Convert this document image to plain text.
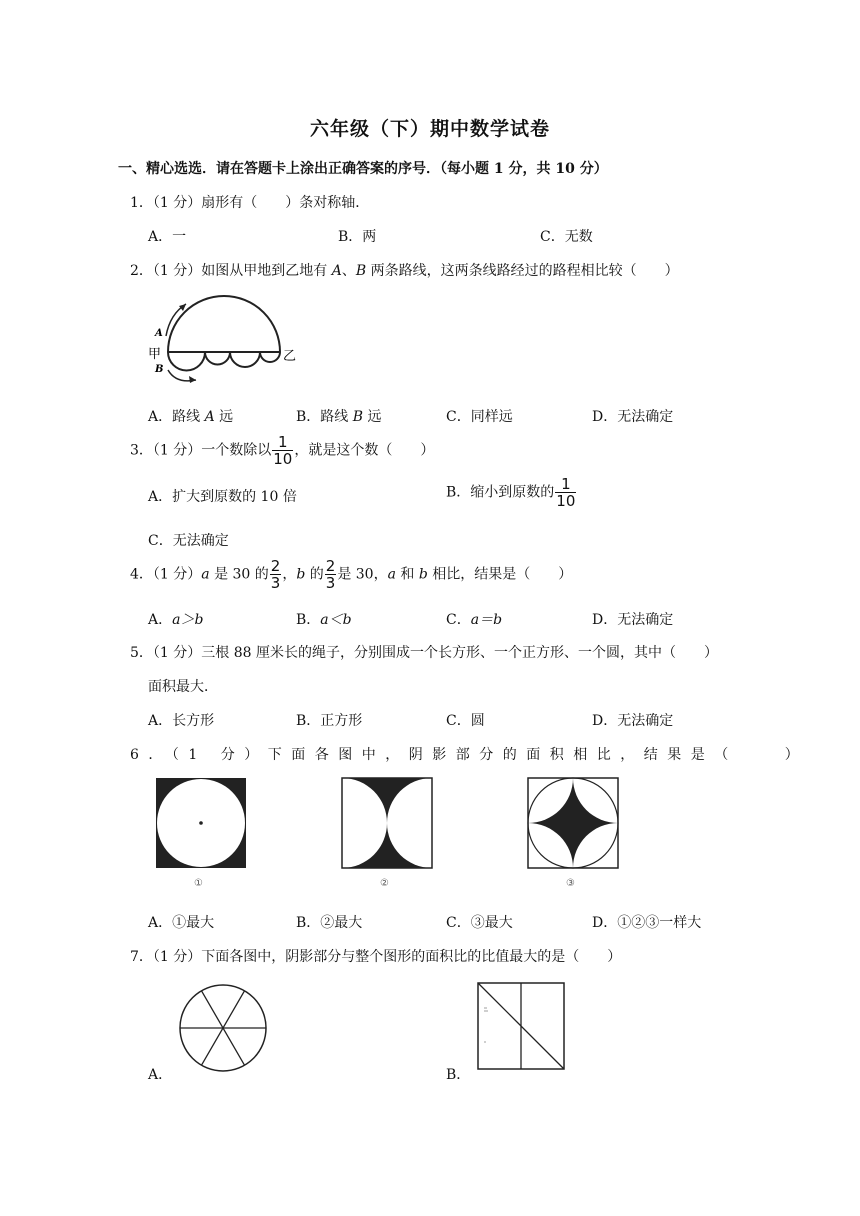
六年级（下）期中数学试卷
一、精心选选．请在答题卡上涂出正确答案的序号．（每小题 1 分，共 10 分）
1．（1 分）扇形有（　　）条对称轴．
A．一	B．两	C．无数
2．（1 分）如图从甲地到乙地有 A、B 两条路线，这两条线路经过的路程相比较（　　）
甲	乙
A
B
A．路线 A 远	B．路线 B 远	C．同样远	D．无法确定
3．（1 分）一个数除以 $\frac{1}{10}$ ，就是这个数（　　）
A．扩大到原数的 10 倍	B．缩小到原数的 $\frac{1}{10}$
C．无法确定
4．（1 分）a 是 30 的 $\frac{2}{3}$ ，b 的 $\frac{2}{3}$ 是 30，a 和 b 相比，结果是（　　）
A．a＞b	B．a＜b	C．a＝b	D．无法确定
5．（1 分）三根 88 厘米长的绳子，分别围成一个长方形、一个正方形、一个圆，其中（　　）
面积最大．
A．长方形	B．正方形	C．圆	D．无法确定
6．（1 分）下面各图中，阴影部分的面积相比，结果是（　　）
①	②	③
A．①最大	B．②最大	C．③最大	D．①②③一样大
7．（1 分）下面各图中，阴影部分与整个图形的面积比的比值最大的是（　　）
A．	B．
